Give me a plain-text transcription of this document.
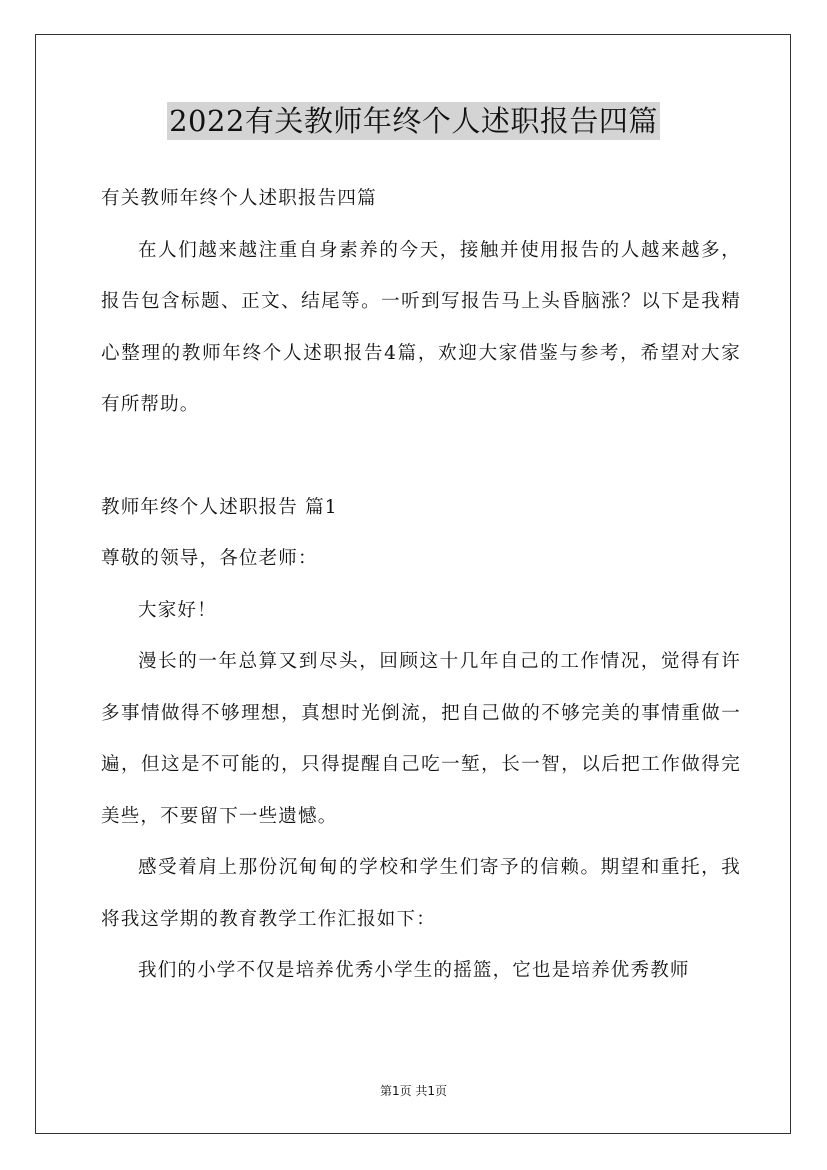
2022有关教师年终个人述职报告四篇

有关教师年终个人述职报告四篇

在人们越来越注重自身素养的今天，接触并使用报告的人越来越多，报告包含标题、正文、结尾等。一听到写报告马上头昏脑涨？以下是我精心整理的教师年终个人述职报告4篇，欢迎大家借鉴与参考，希望对大家有所帮助。

教师年终个人述职报告 篇1

尊敬的领导，各位老师：

大家好！

漫长的一年总算又到尽头，回顾这十几年自己的工作情况，觉得有许多事情做得不够理想，真想时光倒流，把自己做的不够完美的事情重做一遍，但这是不可能的，只得提醒自己吃一堑，长一智，以后把工作做得完美些，不要留下一些遗憾。

感受着肩上那份沉甸甸的学校和学生们寄予的信赖。期望和重托，我将我这学期的教育教学工作汇报如下：

我们的小学不仅是培养优秀小学生的摇篮，它也是培养优秀教师

第1页 共1页
